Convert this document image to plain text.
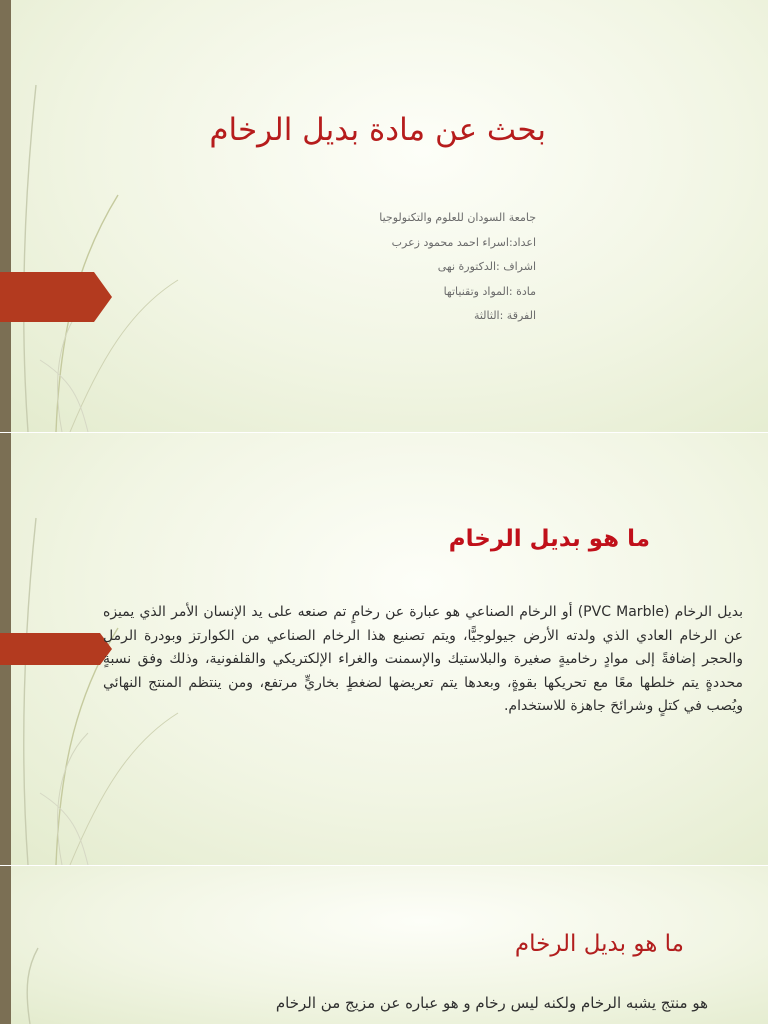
بحث عن مادة بديل الرخام
جامعة السودان للعلوم والتكنولوجيا
اعداد:اسراء احمد محمود زعرب
اشراف :الدكتورة نهى
مادة :المواد وتقنياتها
الفرقة :الثالثة
ما هو بديل الرخام

بديل الرخام (PVC Marble) أو الرخام الصناعي هو عبارة عن رخامٍ تم صنعه على يد الإنسان الأمر الذي يميزه عن الرخام العادي الذي ولدته الأرض جيولوجيًّا، ويتم تصنيع هذا الرخام الصناعي من الكوارتز وبودرة الرمل والحجر إضافةً إلى موادٍ رخاميةٍ صغيرة والبلاستيك والإسمنت والغراء الإلكتريكي والقلفونية، وذلك وفق نسبةٍ محددةٍ يتم خلطها معًا مع تحريكها بقوةٍ، وبعدها يتم تعريضها لضغطٍ بخاريٍّ مرتفع، ومن ينتظم المنتج النهائي ويُصب في كتلٍ وشرائحَ جاهزة للاستخدام.

ما هو بديل الرخام

هو منتج يشبه الرخام ولكنه ليس رخام و هو عباره عن مزيج من الرخام
